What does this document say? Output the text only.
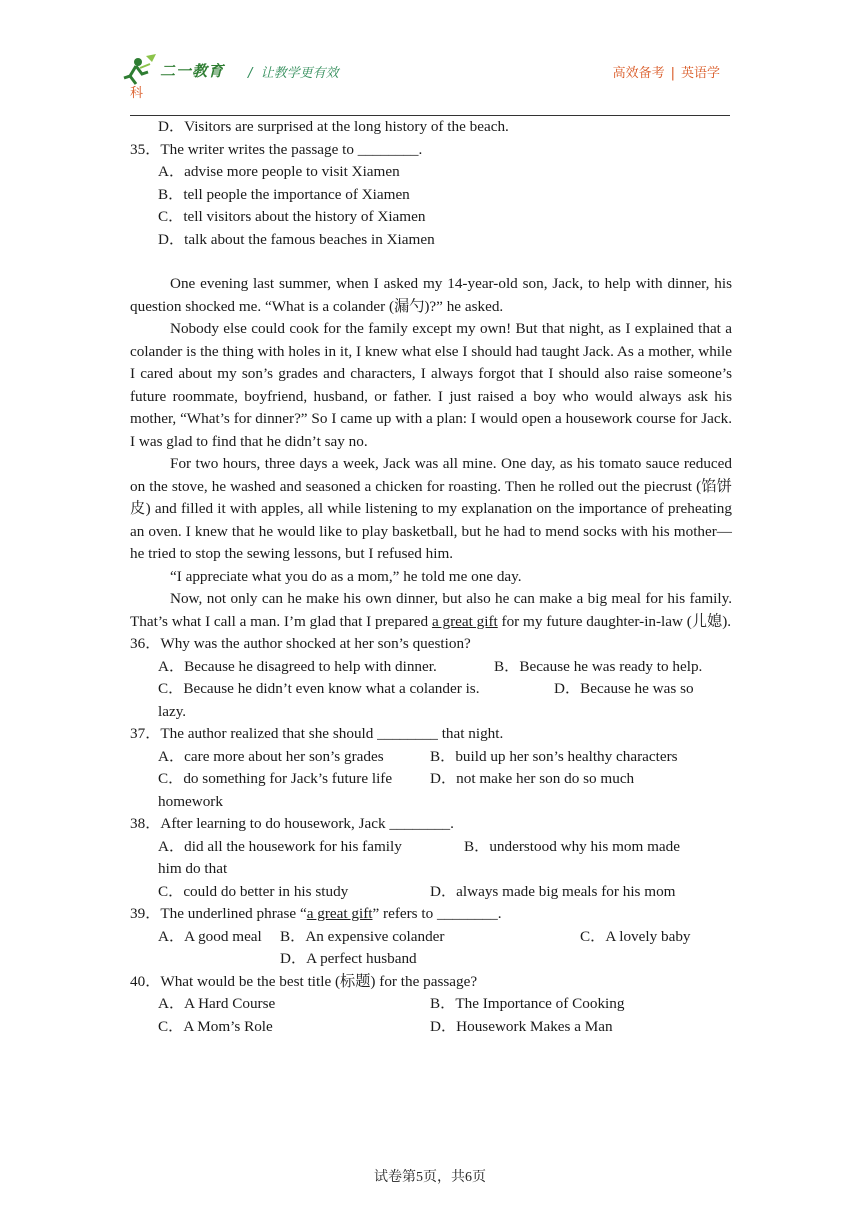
二一教育
科
/  让教学更有效	高效备考 | 英语学
D．Visitors are surprised at the long history of the beach.
35．The writer writes the passage to ________.
A．advise more people to visit Xiamen
B．tell people the importance of Xiamen
C．tell visitors about the history of Xiamen
D．talk about the famous beaches in Xiamen

One evening last summer, when I asked my 14-year-old son, Jack, to help with dinner, his question shocked me. “What is a colander (漏勺)?” he asked.

Nobody else could cook for the family except my own! But that night, as I explained that a colander is the thing with holes in it, I knew what else I should had taught Jack. As a mother, while I cared about my son’s grades and characters, I always forgot that I should also raise someone’s future roommate, boyfriend, husband, or father. I just raised a boy who would always ask his mother, “What’s for dinner?” So I came up with a plan: I would open a housework course for Jack. I was glad to find that he didn’t say no.

For two hours, three days a week, Jack was all mine. One day, as his tomato sauce reduced on the stove, he washed and seasoned a chicken for roasting. Then he rolled out the piecrust (馅饼皮) and filled it with apples, all while listening to my explanation on the importance of preheating an oven. I knew that he would like to play basketball, but he had to mend socks with his mother—he tried to stop the sewing lessons, but I refused him.

“I appreciate what you do as a mom,” he told me one day.

Now, not only can he make his own dinner, but also he can make a big meal for his family. That’s what I call a man. I’m glad that I prepared a great gift for my future daughter-in-law (儿媳).

36．Why was the author shocked at her son’s question?
A．Because he disagreed to help with dinner.	B．Because he was ready to help.
C．Because he didn’t even know what a colander is.	D．Because he was so
lazy.
37．The author realized that she should ________ that night.
A．care more about her son’s grades	B．build up her son’s healthy characters
C．do something for Jack’s future life D．not make her son do so much
homework
38．After learning to do housework, Jack ________.
A．did all the housework for his family	B．understood why his mom made
him do that
C．could do better in his study	D．always made big meals for his mom
39．The underlined phrase “a great gift” refers to ________.
A．A good meal B．An expensive colander	C．A lovely baby
D．A perfect husband
40．What would be the best title (标题) for the passage?
A．A Hard Course	B．The Importance of Cooking
C．A Mom’s Role	D．Housework Makes a Man
试卷第5页，共6页
